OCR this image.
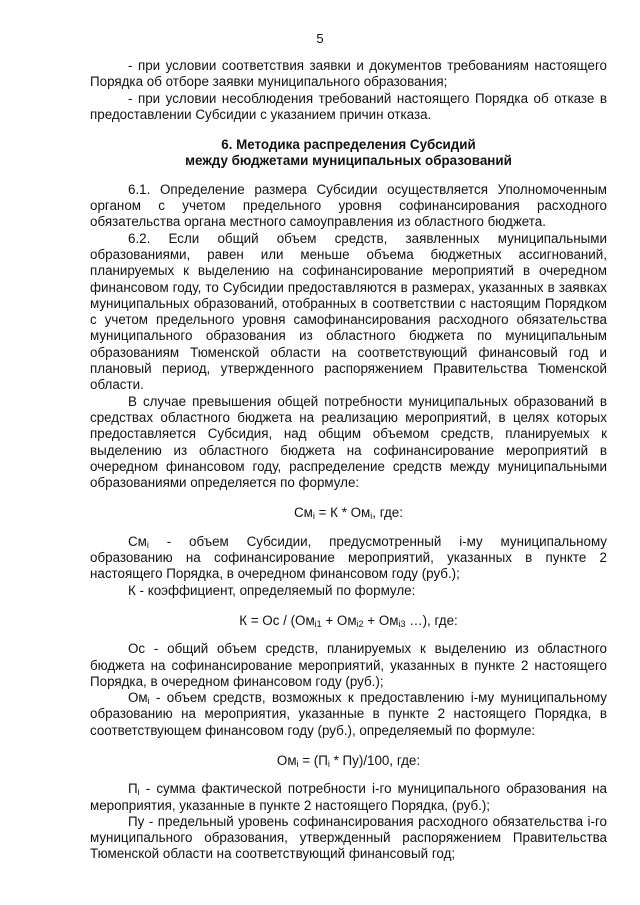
5

- при условии соответствия заявки и документов требованиям настоящего Порядка об отборе заявки муниципального образования;

- при условии несоблюдения требований настоящего Порядка об отказе в предоставлении Субсидии с указанием причин отказа.

6. Методика распределения Субсидий
между бюджетами муниципальных образований

6.1. Определение размера Субсидии осуществляется Уполномоченным органом с учетом предельного уровня софинансирования расходного обязательства органа местного самоуправления из областного бюджета.

6.2. Если общий объем средств, заявленных муниципальными образованиями, равен или меньше объема бюджетных ассигнований, планируемых к выделению на софинансирование мероприятий в очередном финансовом году, то Субсидии предоставляются в размерах, указанных в заявках муниципальных образований, отобранных в соответствии с настоящим Порядком с учетом предельного уровня самофинансирования расходного обязательства муниципального образования из областного бюджета по муниципальным образованиям Тюменской области на соответствующий финансовый год и плановый период, утвержденного распоряжением Правительства Тюменской области.

В случае превышения общей потребности муниципальных образований в средствах областного бюджета на реализацию мероприятий, в целях которых предоставляется Субсидия, над общим объемом средств, планируемых к выделению из областного бюджета на софинансирование мероприятий в очередном финансовом году, распределение средств между муниципальными образованиями определяется по формуле:

$См_i = К * Ом_i$, где:

$См_i$ - объем Субсидии, предусмотренный i-му муниципальному образованию на софинансирование мероприятий, указанных в пункте 2 настоящего Порядка, в очередном финансовом году (руб.);

К - коэффициент, определяемый по формуле:

К = Ос / ($Ом_{i1} + Ом_{i2} + Ом_{i3}$ …), где:

Ос - общий объем средств, планируемых к выделению из областного бюджета на софинансирование мероприятий, указанных в пункте 2 настоящего Порядка, в очередном финансовом году (руб.);

$Ом_i$ - объем средств, возможных к предоставлению i-му муниципальному образованию на мероприятия, указанные в пункте 2 настоящего Порядка, в соответствующем финансовом году (руб.), определяемый по формуле:

$Ом_i = (П_i * Пу)/100$, где:

$П_i$ - сумма фактической потребности i-го муниципального образования на мероприятия, указанные в пункте 2 настоящего Порядка, (руб.);

Пу - предельный уровень софинансирования расходного обязательства i-го муниципального образования, утвержденный распоряжением Правительства Тюменской области на соответствующий финансовый год;
